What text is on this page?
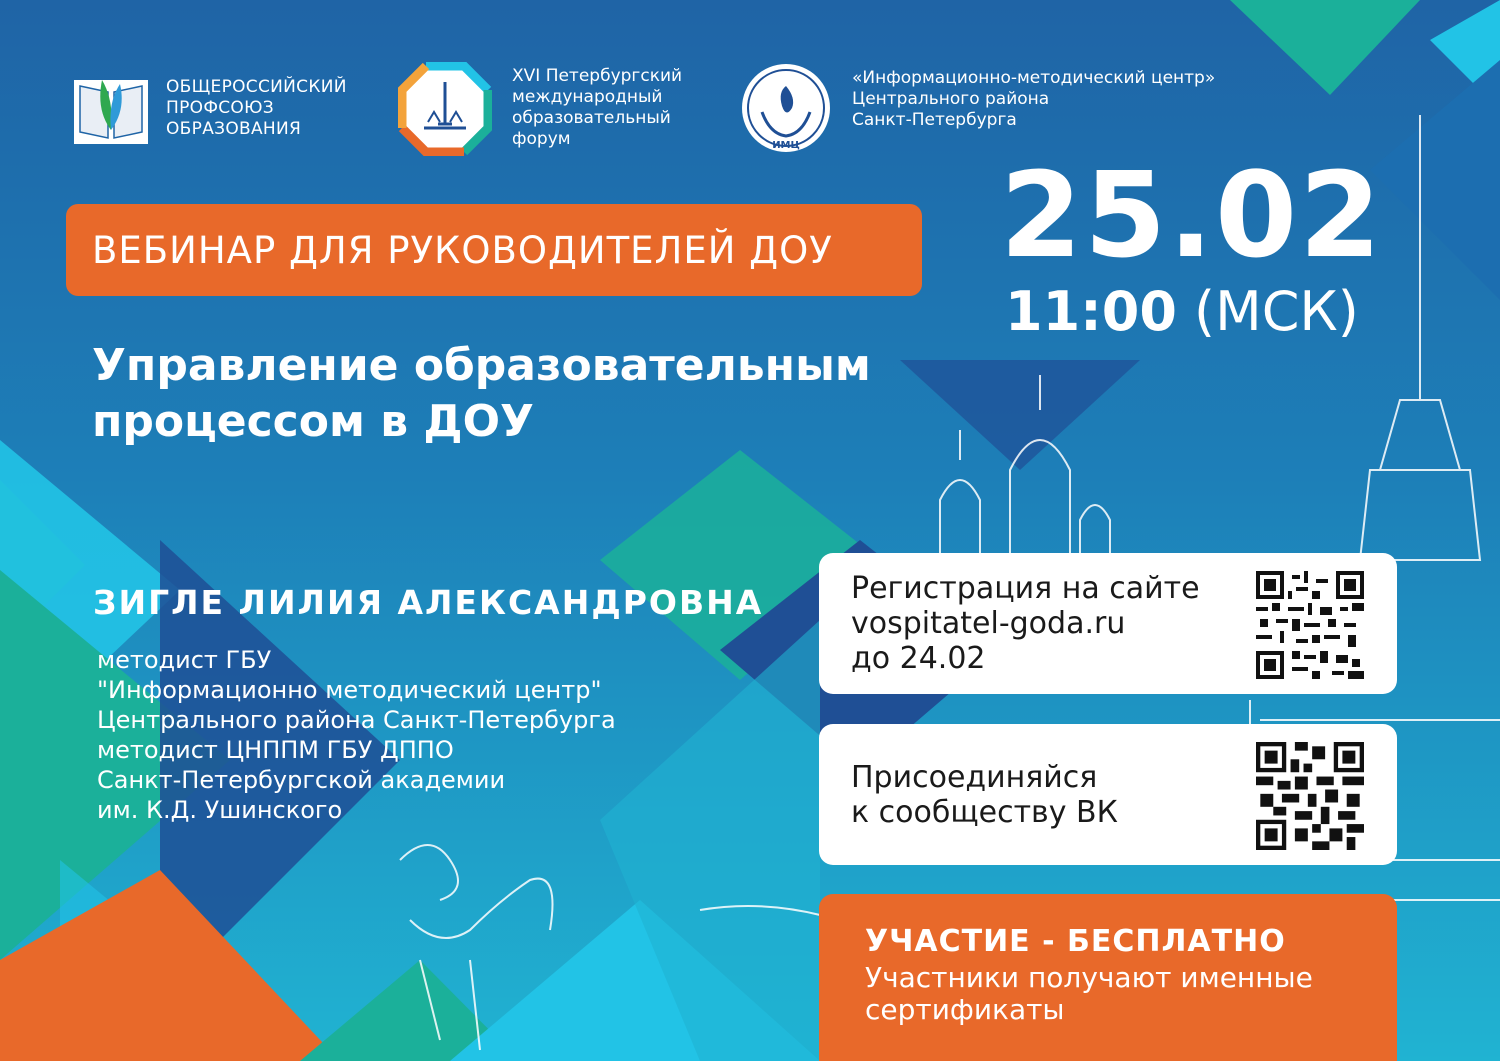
ОБЩЕРОССИЙСКИЙ
ПРОФСОЮЗ
ОБРАЗОВАНИЯ
XVI Петербургский
международный
образовательный
форум	ИМЦ
«Информационно-методический центр»
Центрального района
Санкт-Петербурга
ВЕБИНАР ДЛЯ РУКОВОДИТЕЛЕЙ ДОУ 25.02
11:00 (МСК)
Управление образовательным
процессом в ДОУ
ЗИГЛЕ ЛИЛИЯ АЛЕКСАНДРОВНА
методист ГБУ
"Информационно методический центр"
Центрального района Санкт-Петербурга
методист ЦНППМ ГБУ ДППО
Санкт-Петербургской академии
им. К.Д. Ушинского
Регистрация на сайте
vospitatel-goda.ru
до 24.02
Присоединяйся
к сообществу ВК
УЧАСТИЕ - БЕСПЛАТНО
Участники получают именные
сертификаты
